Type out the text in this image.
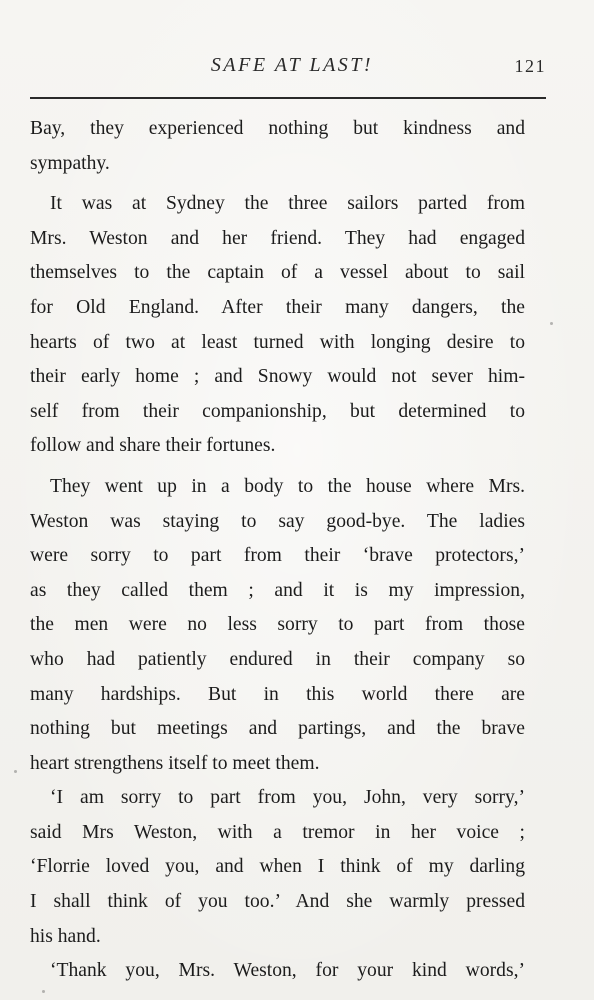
SAFE AT LAST!	121

Bay, they experienced nothing but kindness and
sympathy.

It was at Sydney the three sailors parted from
Mrs. Weston and her friend. They had engaged
themselves to the captain of a vessel about to sail
for Old England. After their many dangers, the
hearts of two at least turned with longing desire to
their early home ; and Snowy would not sever him-
self from their companionship, but determined to
follow and share their fortunes.

They went up in a body to the house where Mrs.
Weston was staying to say good-bye. The ladies
were sorry to part from their ‘brave protectors,’
as they called them ; and it is my impression,
the men were no less sorry to part from those
who had patiently endured in their company so
many hardships. But in this world there are
nothing but meetings and partings, and the brave
heart strengthens itself to meet them.

‘I am sorry to part from you, John, very sorry,’
said Mrs Weston, with a tremor in her voice ;
‘Florrie loved you, and when I think of my darling
I shall think of you too.’ And she warmly pressed
his hand.

‘Thank you, Mrs. Weston, for your kind words,’
